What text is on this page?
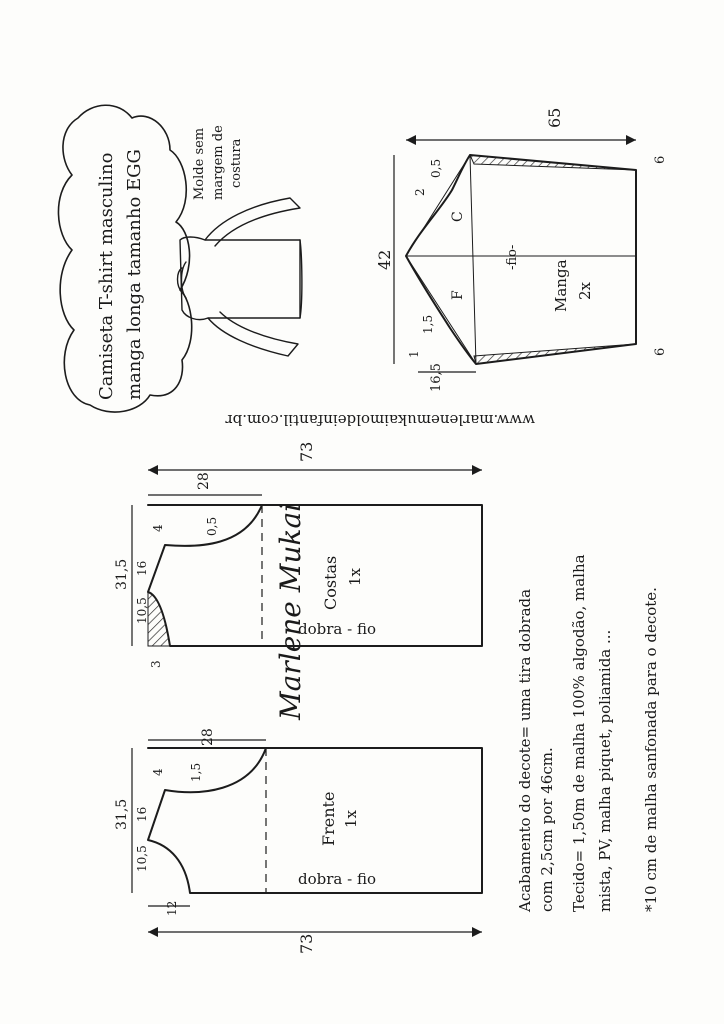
Camiseta T-shirt masculino manga longa tamanho EGG	Molde sem margem de costura
65
42
16,5
6
6
0,5
2
1,5
1
C
F
-fio-
Manga 2x
www.marlenemukaimoldeinfantil.com.br
73
28
31,5
4	0,5
16
10,5
3
Costas 1x
dobra - fio
Marlene Mukai
28
31,5
4 1,5
16
10,5
12
Frente 1x
dobra - fio
73
Acabamento do decote= uma tira dobrada com 2,5cm por 46cm. Tecido= 1,50m de malha 100% algodão, malha mista, PV, malha piquet, poliamida ... *10 cm de malha sanfonada para o decote.
